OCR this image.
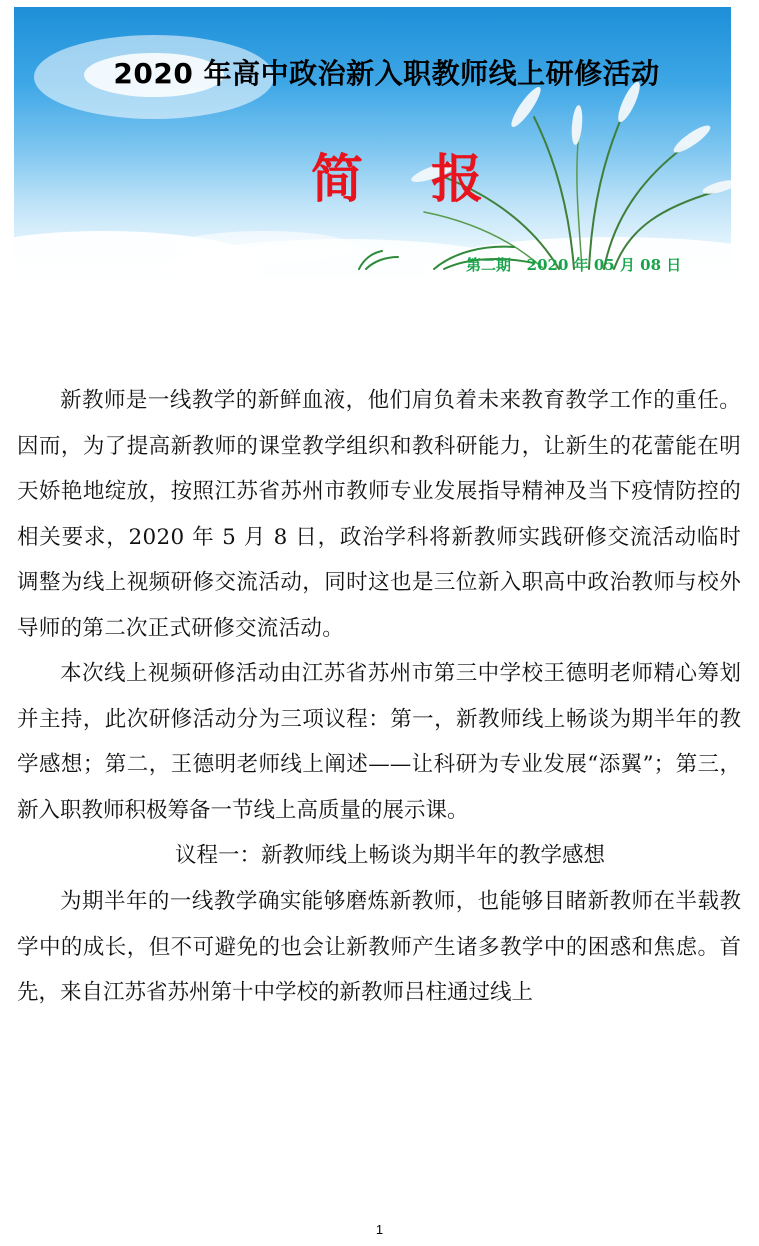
2020 年高中政治新入职教师线上研修活动
简报
第二期   2020 年 05 月 08 日

新教师是一线教学的新鲜血液，他们肩负着未来教育教学工作的重任。因而，为了提高新教师的课堂教学组织和教科研能力，让新生的花蕾能在明天娇艳地绽放，按照江苏省苏州市教师专业发展指导精神及当下疫情防控的相关要求，2020 年 5 月 8 日，政治学科将新教师实践研修交流活动临时调整为线上视频研修交流活动，同时这也是三位新入职高中政治教师与校外导师的第二次正式研修交流活动。

本次线上视频研修活动由江苏省苏州市第三中学校王德明老师精心筹划并主持，此次研修活动分为三项议程：第一，新教师线上畅谈为期半年的教学感想；第二，王德明老师线上阐述——让科研为专业发展“添翼”；第三，新入职教师积极筹备一节线上高质量的展示课。

议程一：新教师线上畅谈为期半年的教学感想

为期半年的一线教学确实能够磨炼新教师，也能够目睹新教师在半载教学中的成长，但不可避免的也会让新教师产生诸多教学中的困惑和焦虑。首先，来自江苏省苏州第十中学校的新教师吕柱通过线上

1
